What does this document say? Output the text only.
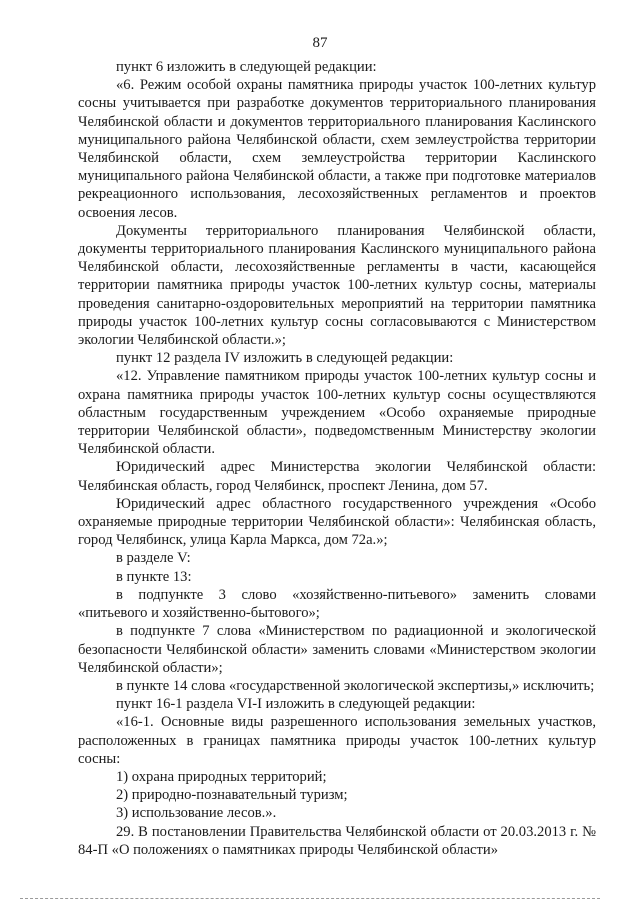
87

пункт 6 изложить в следующей редакции:

«6. Режим особой охраны памятника природы участок 100-летних культур сосны учитывается при разработке документов территориального планирования Челябинской области и документов территориального планирования Каслинского муниципального района Челябинской области, схем землеустройства территории Челябинской области, схем землеустройства территории Каслинского муниципального района Челябинской области, а также при подготовке материалов рекреационного использования, лесохозяйственных регламентов и проектов освоения лесов.

Документы территориального планирования Челябинской области, документы территориального планирования Каслинского муниципального района Челябинской области, лесохозяйственные регламенты в части, касающейся территории памятника природы участок 100-летних культур сосны, материалы проведения санитарно-оздоровительных мероприятий на территории памятника природы участок 100-летних культур сосны согласовываются с Министерством экологии Челябинской области.»;

пункт 12 раздела IV изложить в следующей редакции:

«12. Управление памятником природы участок 100-летних культур сосны и охрана памятника природы участок 100-летних культур сосны осуществляются областным государственным учреждением «Особо охраняемые природные территории Челябинской области», подведомственным Министерству экологии Челябинской области.

Юридический адрес Министерства экологии Челябинской области: Челябинская область, город Челябинск, проспект Ленина, дом 57.

Юридический адрес областного государственного учреждения «Особо охраняемые природные территории Челябинской области»: Челябинская область, город Челябинск, улица Карла Маркса, дом 72а.»;

в разделе V:

в пункте 13:

в подпункте 3 слово «хозяйственно-питьевого» заменить словами «питьевого и хозяйственно-бытового»;

в подпункте 7 слова «Министерством по радиационной и экологической безопасности Челябинской области» заменить словами «Министерством экологии Челябинской области»;

в пункте 14 слова «государственной экологической экспертизы,» исключить;

пункт 16-1 раздела VI-I изложить в следующей редакции:

«16-1. Основные виды разрешенного использования земельных участков, расположенных в границах памятника природы участок 100-летних культур сосны:

1) охрана природных территорий;

2) природно-познавательный туризм;

3) использование лесов.».

29. В постановлении Правительства Челябинской области от 20.03.2013 г. № 84-П «О положениях о памятниках природы Челябинской области»
